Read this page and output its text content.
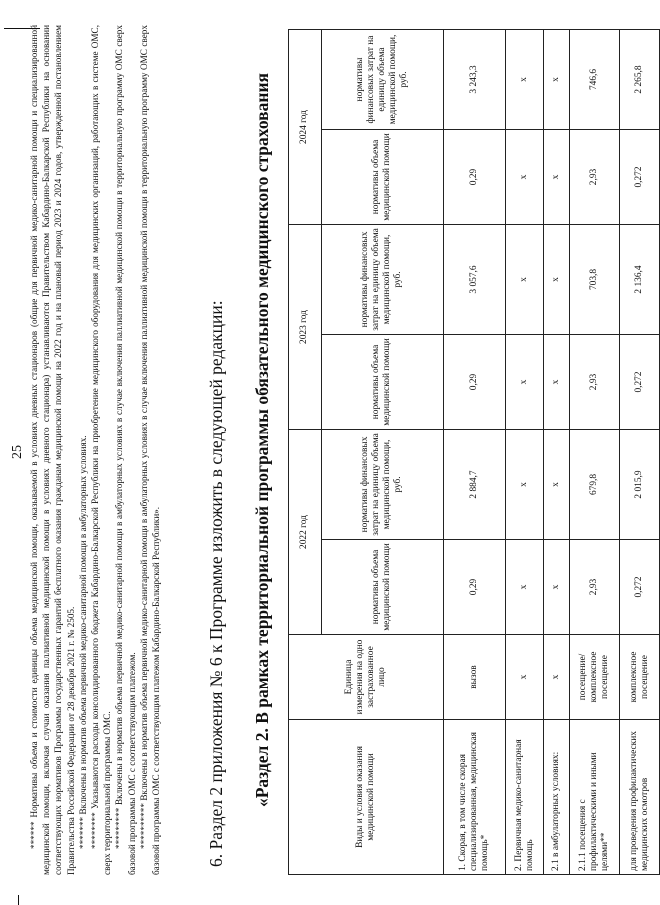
25 ****** Нормативы объема и стоимости единицы объема медицинской помощи, оказываемой в условиях дневных стационаров (общие для первичной медико-санитарной помощи и специализированной медицинской помощи, включая случаи оказания паллиативной медицинской помощи в условиях дневного стационара) устанавливаются Правительством Кабардино-Балкарской Республики на основании соответствующих нормативов Программы государственных гарантий бесплатного оказания гражданам медицинской помощи на 2022 год и на плановый период 2023 и 2024 годов, утвержденной постановлением Правительства Российской Федерации от 28 декабря 2021 г. № 2505. ******* Включены в норматив объема первичной медико-санитарной помощи в амбулаторных условиях. ******** Указываются расходы консолидированного бюджета Кабардино-Балкарской Республики на приобретение медицинского оборудования для медицинских организаций, работающих в системе ОМС, сверх территориальной программы ОМС. ********* Включены в норматив объема первичной медико-санитарной помощи в амбулаторных условиях в случае включения паллиативной медицинской помощи в территориальную программу ОМС сверх базовой программы ОМС с соответствующим платежом. ********** Включены в норматив объема первичной медико-санитарной помощи в амбулаторных условиях в случае включения паллиативной медицинской помощи в территориальную программу ОМС сверх базовой программы ОМС с соответствующим платежом Кабардино-Балкарской Республики».	6. Раздел 2 приложения № 6 к Программе изложить в следующей редакции: «Раздел 2. В рамках территориальной программы обязательного медицинского страхования	Виды и условия оказания медицинской помощи	Единица измерения на одно застрахованное лицо	2022 год		2023 год		2024 год	
		нормативы объема медицинской помощи	нормативы финансовых затрат на единицу объема медицинской помощи, руб.	нормативы объема медицинской помощи	нормативы финансовых затрат на единицу объема медицинской помощи, руб.	нормативы объема медицинской помощи	нормативы финансовых затрат на единицу объема медицинской помощи, руб.
1. Скорая, в том числе скорая специализированная, медицинская помощь*	вызов	0,29	2 884,7	0,29	3 057,6	0,29	3 243,3
2. Первичная медико-санитарная помощь	x	x	x	x	x	x	x
2.1 в амбулаторных условиях:	x	x	x	x	x	x	x
2.1.1 посещения с профилактическими и иными целями**	посещение/ комплексное посещение	2,93	679,8	2,93	703,8	2,93	746,6
для проведения профилактических медицинских осмотров	комплексное посещение	0,272	2 015,9	0,272	2 136,4	0,272	2 265,8
